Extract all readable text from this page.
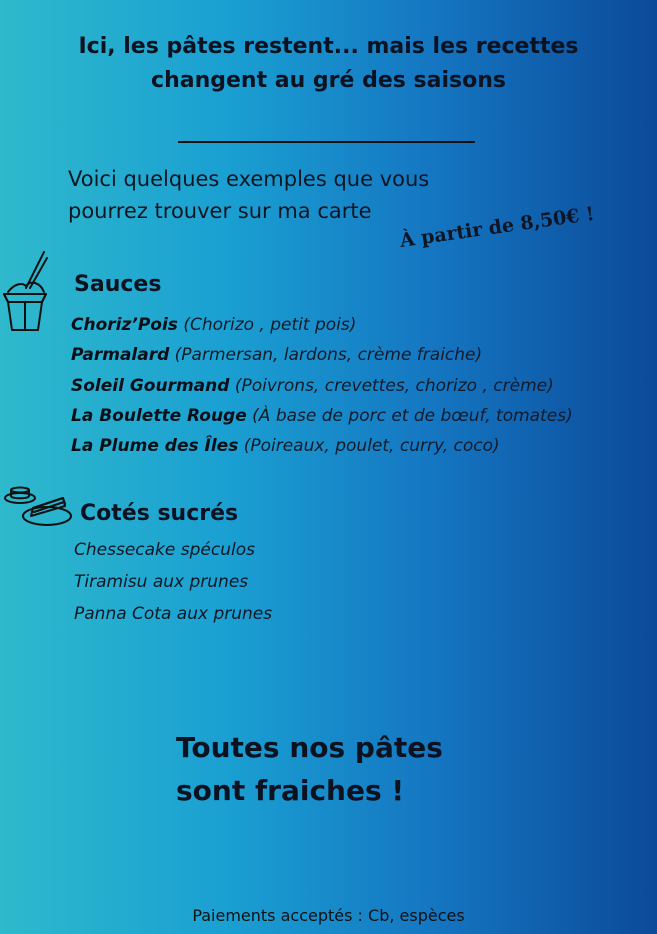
Ici, les pâtes restent... mais les recettes
changent au gré des saisons
Voici quelques exemples que vous
pourrez trouver sur ma carte	À partir de 8,50€ !
Sauces
Choriz’Pois (Chorizo , petit pois)
Parmalard (Parmersan, lardons, crème fraiche)
Soleil Gourmand (Poivrons, crevettes, chorizo , crème)
La Boulette Rouge (À base de porc et de bœuf, tomates)
La Plume des Îles (Poireaux, poulet, curry, coco)
Cotés sucrés
Chessecake spéculos
Tiramisu aux prunes
Panna Cota aux prunes
Toutes nos pâtes
sont fraiches !
Paiements acceptés : Cb, espèces
